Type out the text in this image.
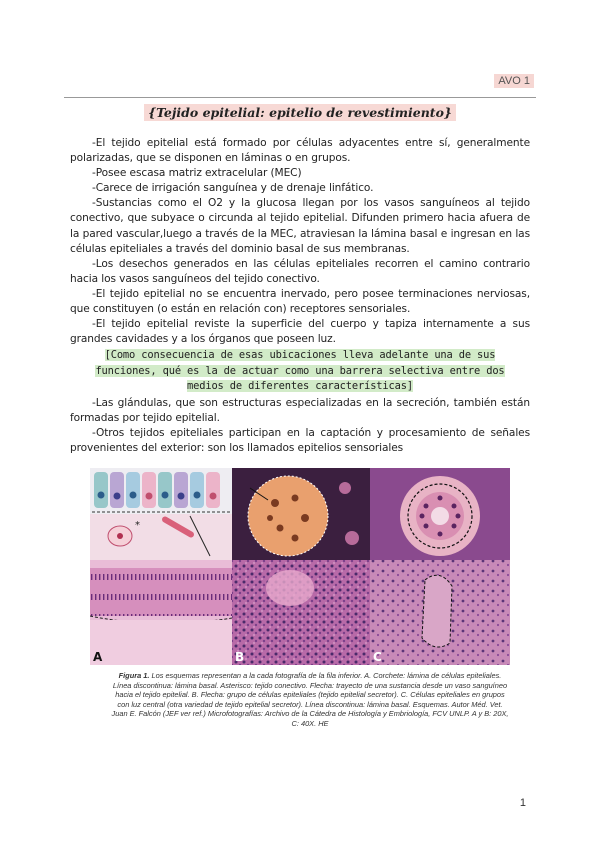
AVO 1
{Tejido epitelial: epitelio de revestimiento}

-El tejido epitelial está formado por células adyacentes entre sí, generalmente polarizadas, que se disponen en láminas o en grupos.

-Posee escasa matriz extracelular (MEC)

-Carece de irrigación sanguínea y de drenaje linfático.

-Sustancias como el O2 y la glucosa llegan por los vasos sanguíneos al tejido conectivo, que subyace o circunda al tejido epitelial. Difunden primero hacia afuera de la pared vascular,luego a través de la MEC, atraviesan la lámina basal e ingresan en las células epiteliales a través del dominio basal de sus membranas.

-Los desechos generados en las células epiteliales recorren el camino contrario hacia los vasos sanguíneos del tejido conectivo.

-El tejido epitelial no se encuentra inervado, pero posee terminaciones nerviosas, que constituyen (o están en relación con) receptores sensoriales.

-El tejido epitelial reviste la superficie del cuerpo y tapiza internamente a sus grandes cavidades y a los órganos que poseen luz.

[Como consecuencia de esas ubicaciones lleva adelante una de sus
funciones, qué es la de actuar como una barrera selectiva entre dos
medios de diferentes características]

-Las glándulas, que son estructuras especializadas en la secreción, también están formadas por tejido epitelial.

-Otros tejidos epiteliales participan en la captación y procesamiento de señales provenientes del exterior: son los llamados epitelios sensoriales

*
A	B	C
Figura 1. Los esquemas representan a la cada fotografía de la fila inferior. A. Corchete: lámina de células epiteliales. Línea discontinua: lámina basal. Asterisco: tejido conectivo. Flecha: trayecto de una sustancia desde un vaso sanguíneo hacia el tejido epitelial. B. Flecha: grupo de células epiteliales (tejido epitelial secretor). C. Células epiteliales en grupos con luz central (otra variedad de tejido epitelial secretor). Línea discontinua: lámina basal. Esquemas. Autor Méd. Vet. Juan E. Falcón (JEF ver ref.) Microfotografías: Archivo de la Cátedra de Histología y Embriología, FCV UNLP. A y B: 20X, C: 40X. HE
1
